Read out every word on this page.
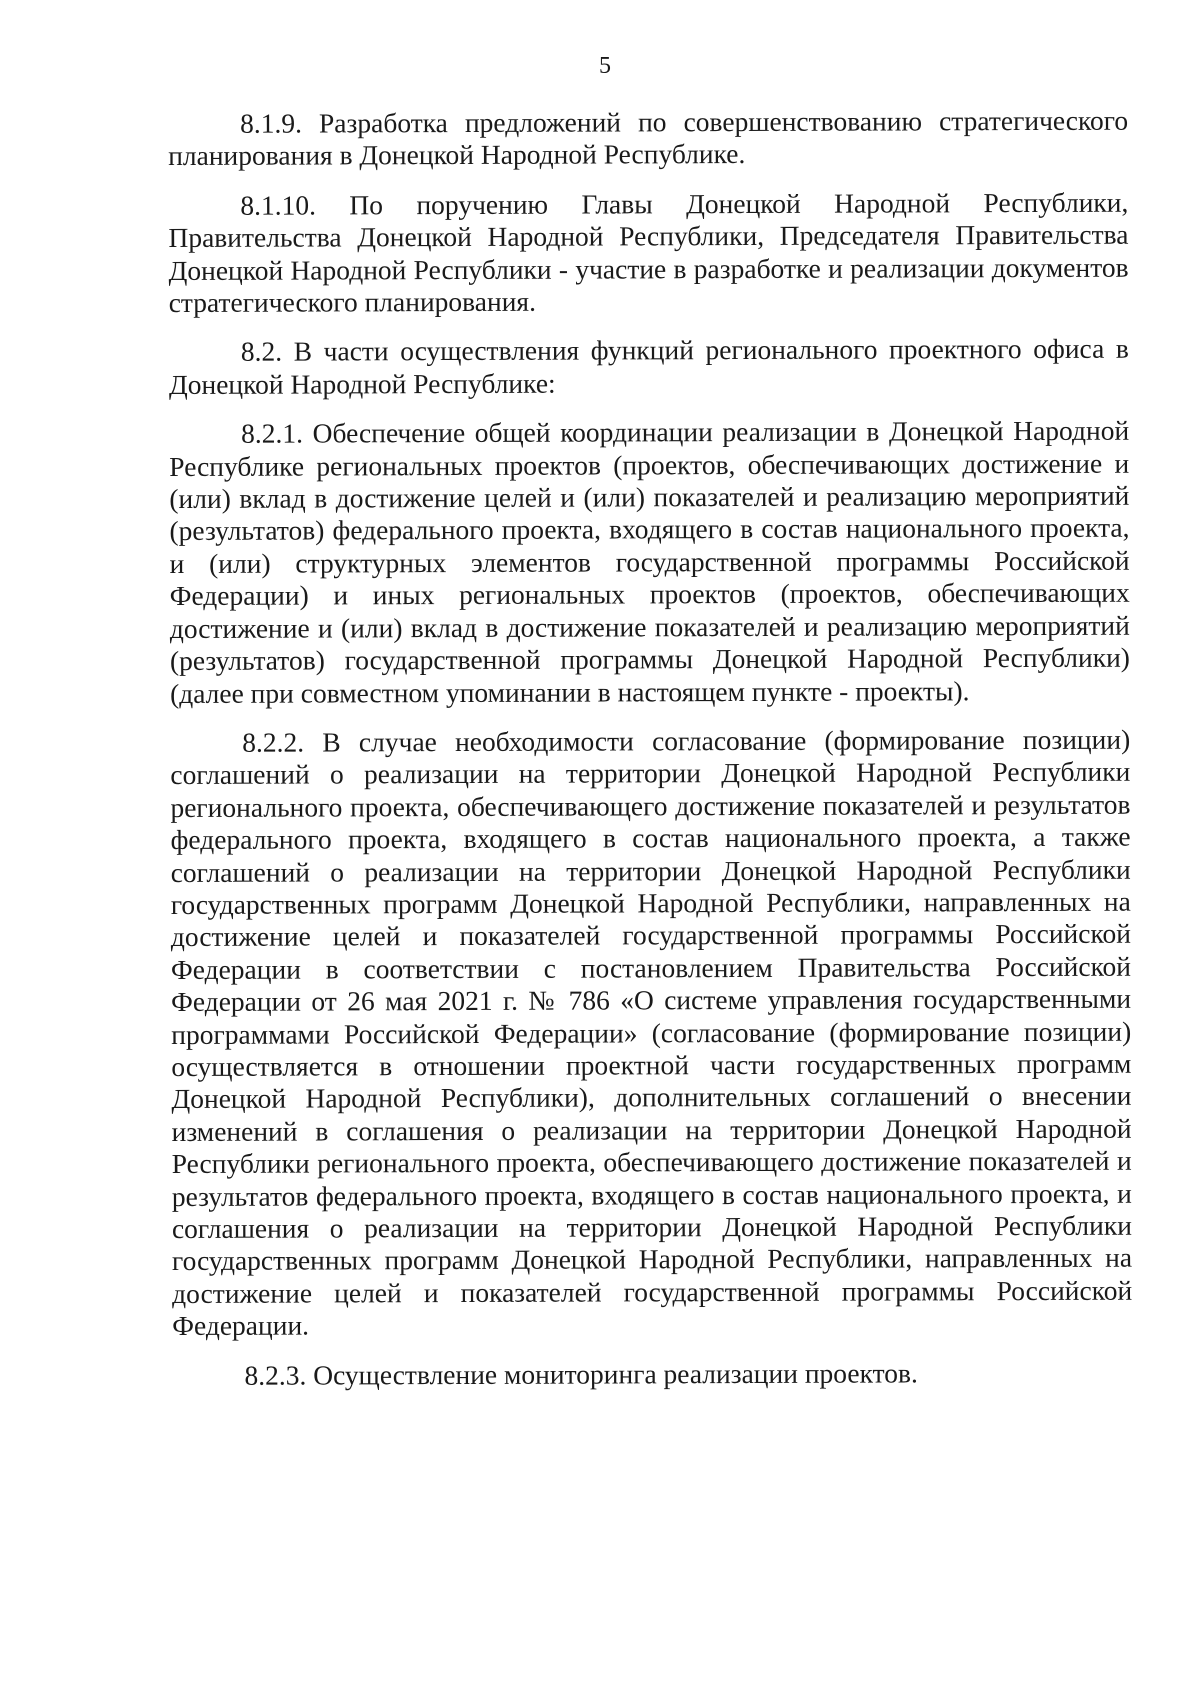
5

8.1.9. Разработка предложений по совершенствованию стратегического планирования в Донецкой Народной Республике.

8.1.10. По поручению Главы Донецкой Народной Республики, Правительства Донецкой Народной Республики, Председателя Правительства Донецкой Народной Республики - участие в разработке и реализации документов стратегического планирования.

8.2. В части осуществления функций регионального проектного офиса в Донецкой Народной Республике:

8.2.1. Обеспечение общей координации реализации в Донецкой Народной Республике региональных проектов (проектов, обеспечивающих достижение и (или) вклад в достижение целей и (или) показателей и реализацию мероприятий (результатов) федерального проекта, входящего в состав национального проекта, и (или) структурных элементов государственной программы Российской Федерации) и иных региональных проектов (проектов, обеспечивающих достижение и (или) вклад в достижение показателей и реализацию мероприятий (результатов) государственной программы Донецкой Народной Республики) (далее при совместном упоминании в настоящем пункте - проекты).

8.2.2. В случае необходимости согласование (формирование позиции) соглашений о реализации на территории Донецкой Народной Республики регионального проекта, обеспечивающего достижение показателей и результатов федерального проекта, входящего в состав национального проекта, а также соглашений о реализации на территории Донецкой Народной Республики государственных программ Донецкой Народной Республики, направленных на достижение целей и показателей государственной программы Российской Федерации в соответствии с постановлением Правительства Российской Федерации от 26 мая 2021 г. № 786 «О системе управления государственными программами Российской Федерации» (согласование (формирование позиции) осуществляется в отношении проектной части государственных программ Донецкой Народной Республики), дополнительных соглашений о внесении изменений в соглашения о реализации на территории Донецкой Народной Республики регионального проекта, обеспечивающего достижение показателей и результатов федерального проекта, входящего в состав национального проекта, и соглашения о реализации на территории Донецкой Народной Республики государственных программ Донецкой Народной Республики, направленных на достижение целей и показателей государственной программы Российской Федерации.

8.2.3. Осуществление мониторинга реализации проектов.
